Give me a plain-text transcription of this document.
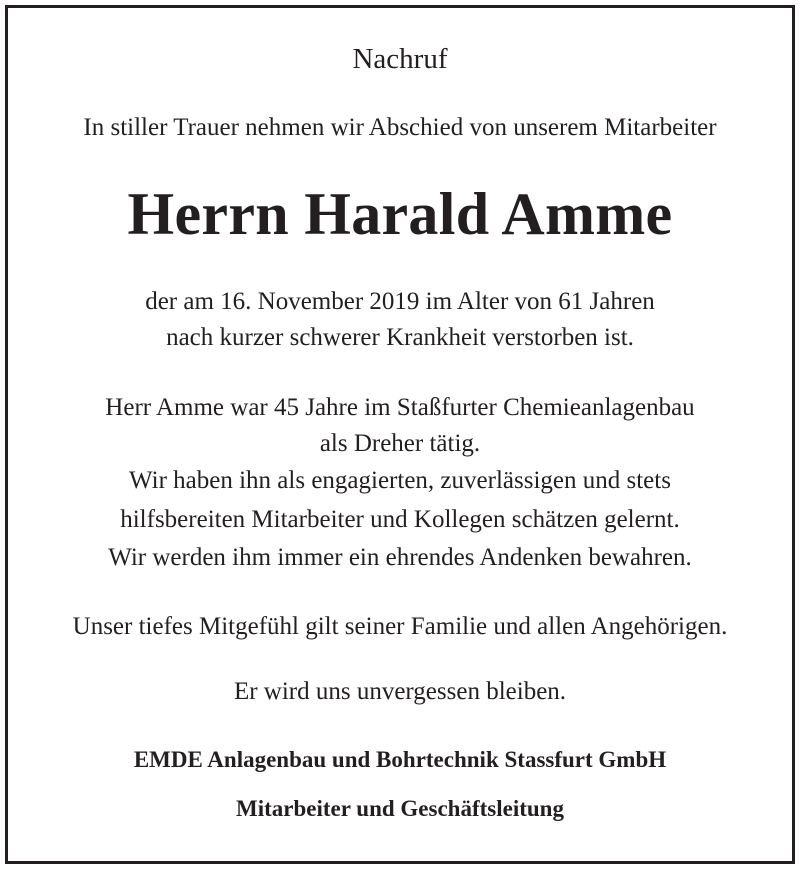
Nachruf
In stiller Trauer nehmen wir Abschied von unserem Mitarbeiter
Herrn Harald Amme
der am 16. November 2019 im Alter von 61 Jahren
nach kurzer schwerer Krankheit verstorben ist.
Herr Amme war 45 Jahre im Staßfurter Chemieanlagenbau
als Dreher tätig.
Wir haben ihn als engagierten, zuverlässigen und stets
hilfsbereiten Mitarbeiter und Kollegen schätzen gelernt.
Wir werden ihm immer ein ehrendes Andenken bewahren.
Unser tiefes Mitgefühl gilt seiner Familie und allen Angehörigen.
Er wird uns unvergessen bleiben.
EMDE Anlagenbau und Bohrtechnik Stassfurt GmbH
Mitarbeiter und Geschäftsleitung
